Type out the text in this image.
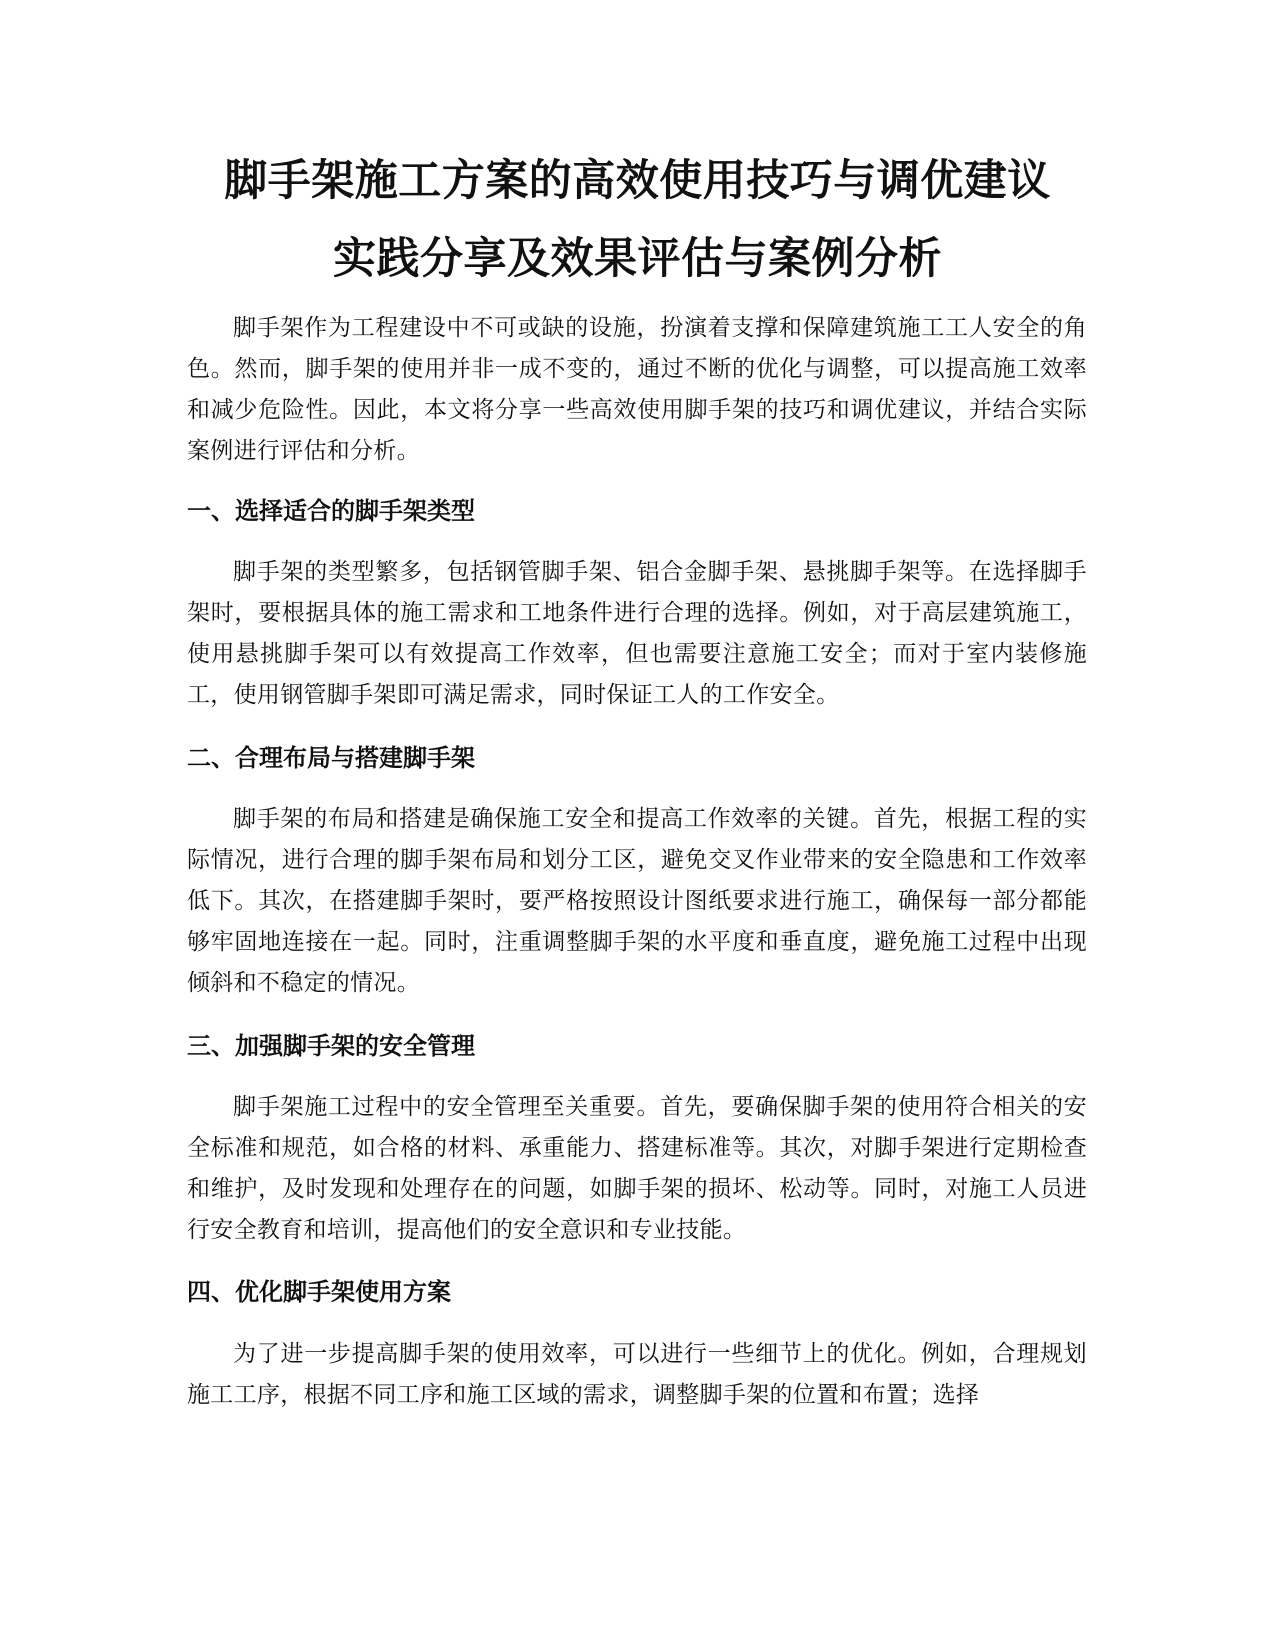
脚手架施工方案的高效使用技巧与调优建议
实践分享及效果评估与案例分析

脚手架作为工程建设中不可或缺的设施，扮演着支撑和保障建筑施工工人安全的角色。然而，脚手架的使用并非一成不变的，通过不断的优化与调整，可以提高施工效率和减少危险性。因此，本文将分享一些高效使用脚手架的技巧和调优建议，并结合实际案例进行评估和分析。

一、选择适合的脚手架类型

脚手架的类型繁多，包括钢管脚手架、铝合金脚手架、悬挑脚手架等。在选择脚手架时，要根据具体的施工需求和工地条件进行合理的选择。例如，对于高层建筑施工，使用悬挑脚手架可以有效提高工作效率，但也需要注意施工安全；而对于室内装修施工，使用钢管脚手架即可满足需求，同时保证工人的工作安全。

二、合理布局与搭建脚手架

脚手架的布局和搭建是确保施工安全和提高工作效率的关键。首先，根据工程的实际情况，进行合理的脚手架布局和划分工区，避免交叉作业带来的安全隐患和工作效率低下。其次，在搭建脚手架时，要严格按照设计图纸要求进行施工，确保每一部分都能够牢固地连接在一起。同时，注重调整脚手架的水平度和垂直度，避免施工过程中出现倾斜和不稳定的情况。

三、加强脚手架的安全管理

脚手架施工过程中的安全管理至关重要。首先，要确保脚手架的使用符合相关的安全标准和规范，如合格的材料、承重能力、搭建标准等。其次，对脚手架进行定期检查和维护，及时发现和处理存在的问题，如脚手架的损坏、松动等。同时，对施工人员进行安全教育和培训，提高他们的安全意识和专业技能。

四、优化脚手架使用方案

为了进一步提高脚手架的使用效率，可以进行一些细节上的优化。例如，合理规划施工工序，根据不同工序和施工区域的需求，调整脚手架的位置和布置；选择
